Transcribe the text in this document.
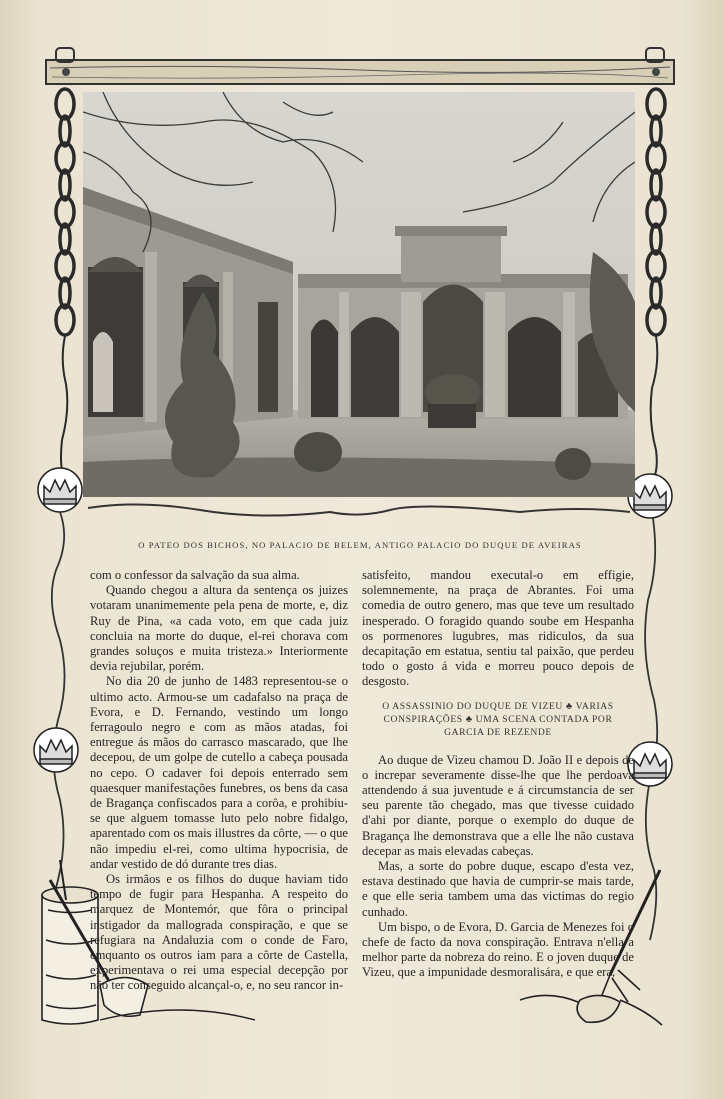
O PATEO DOS BICHOS, NO PALACIO DE BELEM, ANTIGO PALACIO DO DUQUE DE AVEIRAS

com o confessor da salvação da sua alma.

Quando chegou a altura da sentença os juizes votaram unanimemente pela pena de morte, e, diz Ruy de Pina, «a cada voto, em que cada juiz concluia na morte do duque, el-rei chorava com grandes soluços e muita tristeza.» Interiormente devia rejubilar, porém.

No dia 20 de junho de 1483 representou-se o ultimo acto. Armou-se um cadafalso na praça de Evora, e D. Fernando, vestindo um longo ferragoulo negro e com as mãos atadas, foi entregue ás mãos do carrasco mascarado, que lhe decepou, de um golpe de cutello a cabeça pousada no cepo. O cadaver foi depois enterrado sem quaesquer manifestações funebres, os bens da casa de Bragança confiscados para a corôa, e prohibiu-se que alguem tomasse luto pelo nobre fidalgo, aparentado com os mais illustres da côrte, — o que não impediu el-rei, como ultima hypocrisia, de andar vestido de dó durante tres dias.

Os irmãos e os filhos do duque haviam tido tempo de fugir para Hespanha. A respeito do marquez de Montemór, que fôra o principal instigador da mallograda conspiração, e que se refugiara na Andaluzia com o conde de Faro, emquanto os outros iam para a côrte de Castella, experimentava o rei uma especial decepção por não ter conseguido alcançal-o, e, no seu rancor in-

satisfeito, mandou executal-o em effigie, solemnemente, na praça de Abrantes. Foi uma comedia de outro genero, mas que teve um resultado inesperado. O foragido quando soube em Hespanha os pormenores lugubres, mas ridiculos, da sua decapitação em estatua, sentiu tal paixão, que perdeu todo o gosto á vida e morreu pouco depois de desgosto.

O ASSASSINIO DO DUQUE DE VIZEU ♣ VARIAS CONSPIRAÇÕES ♣ UMA SCENA CONTADA POR GARCIA DE REZENDE

Ao duque de Vizeu chamou D. João II e depois de o increpar severamente disse-lhe que lhe perdoava attendendo á sua juventude e á circumstancia de ser seu parente tão chegado, mas que tivesse cuidado d'ahi por diante, porque o exemplo do duque de Bragança lhe demonstrava que a elle lhe não custava decepar as mais elevadas cabeças.

Mas, a sorte do pobre duque, escapo d'esta vez, estava destinado que havia de cumprir-se mais tarde, e que elle seria tambem uma das victimas do regio cunhado.

Um bispo, o de Evora, D. Garcia de Menezes foi o chefe de facto da nova conspiração. Entrava n'ella a melhor parte da nobreza do reino. E o joven duque de Vizeu, que a impunidade desmoralisára, e que era,
